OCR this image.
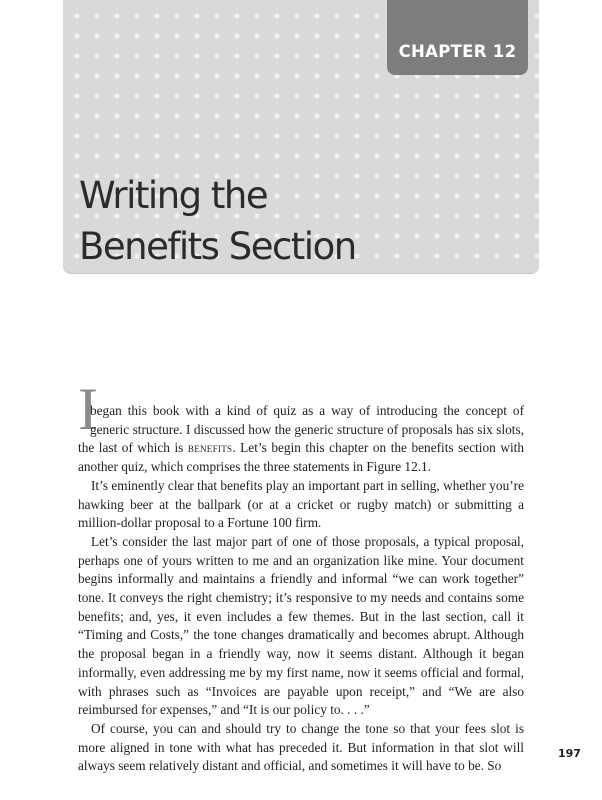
CHAPTER 12
Writing the
Benefits Section

I
began this book with a kind of quiz as a way of introducing the concept of generic structure. I discussed how the generic structure of proposals has six slots, the last of which is benefits. Let’s begin this chapter on the benefits section with another quiz, which comprises the three statements in Figure 12.1.

It’s eminently clear that benefits play an important part in selling, whether you’re hawking beer at the ballpark (or at a cricket or rugby match) or submitting a million-dollar proposal to a Fortune 100 firm.

Let’s consider the last major part of one of those proposals, a typical proposal, perhaps one of yours written to me and an organization like mine. Your document begins informally and maintains a friendly and informal “we can work together” tone. It conveys the right chemistry; it’s responsive to my needs and contains some benefits; and, yes, it even includes a few themes. But in the last section, call it “Timing and Costs,” the tone changes dramatically and becomes abrupt. Although the proposal began in a friendly way, now it seems distant. Although it began informally, even addressing me by my first name, now it seems official and formal, with phrases such as “Invoices are payable upon receipt,” and “We are also reimbursed for expenses,” and “It is our policy to. . . .”

Of course, you can and should try to change the tone so that your fees slot is more aligned in tone with what has preceded it. But information in that slot will always seem relatively distant and official, and sometimes it will have to be. So

197
